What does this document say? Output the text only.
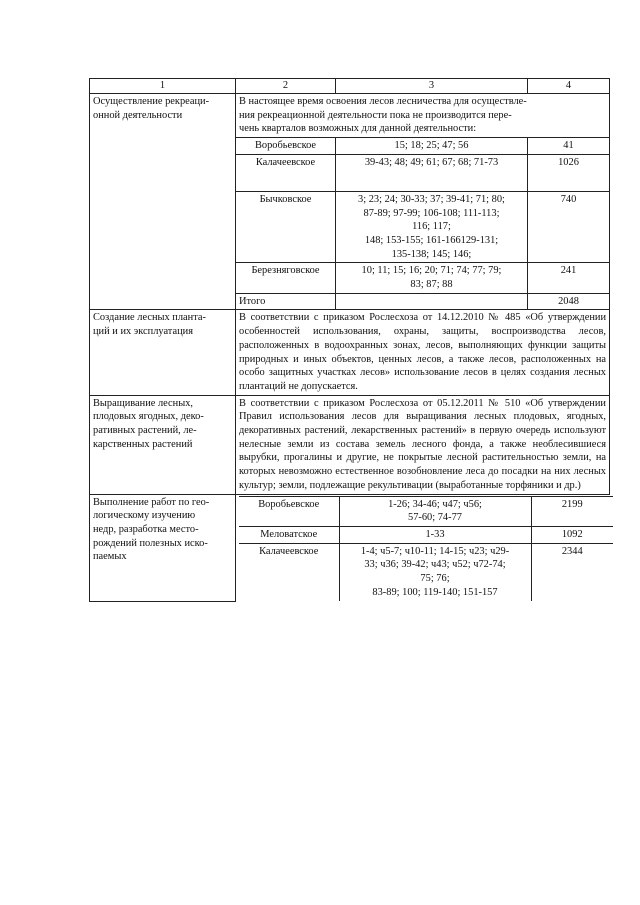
1	2	3	4
Осуществление рекреаци-
онной деятельности	В настоящее время освоения лесов лесничества для осуществле-
ния рекреационной деятельности пока не производится пере-
чень кварталов возможных для данной деятельности:
Воробьевское	15; 18; 25; 47; 56	41
Калачеевское	39-43; 48; 49; 61; 67; 68; 71-73	1026
Бычковское	3; 23; 24; 30-33; 37; 39-41; 71; 80;
87-89; 97-99; 106-108; 111-113;
116; 117;
148; 153-155; 161-166129-131;
135-138; 145; 146;	740
Березняговское	10; 11; 15; 16; 20; 71; 74; 77; 79;
83; 87; 88	241
Итого		2048
Создание лесных планта-
ций и их эксплуатация	В соответствии с приказом Рослесхоза от 14.12.2010 № 485 «Об утверждении особенностей использования, охраны, защиты, воспроизводства лесов, расположенных в водоохранных зонах, лесов, выполняющих функции защиты природных и иных объектов, ценных лесов, а также лесов, расположенных на особо защитных участках лесов» использование лесов в целях создания лесных плантаций не допускается.
Выращивание лесных,
плодовых ягодных, деко-
ративных растений, ле-
карственных растений	В соответствии с приказом Рослесхоза от 05.12.2011 № 510 «Об утверждении Правил использования лесов для выращивания лесных плодовых, ягодных, декоративных растений, лекарственных растений» в первую очередь используют нелесные земли из состава земель лесного фонда, а также необлесившиеся вырубки, прогалины и другие, не покрытые лесной растительностью земли, на которых невозможно естественное возобновление леса до посадки на них лесных культур; земли, подлежащие рекультивации (выработанные торфяники и др.)
Выполнение работ по гео-
логическому изучению
недр, разработка место-
рождений полезных иско-
паемых	
Воробьевское	1-26; 34-46; ч47; ч56;
57-60; 74-77	2199
Меловатское	1-33	1092
Калачеевское	1-4; ч5-7; ч10-11; 14-15; ч23; ч29-
33; ч36; 39-42; ч43; ч52; ч72-74;
75; 76;
83-89; 100; 119-140; 151-157	2344
